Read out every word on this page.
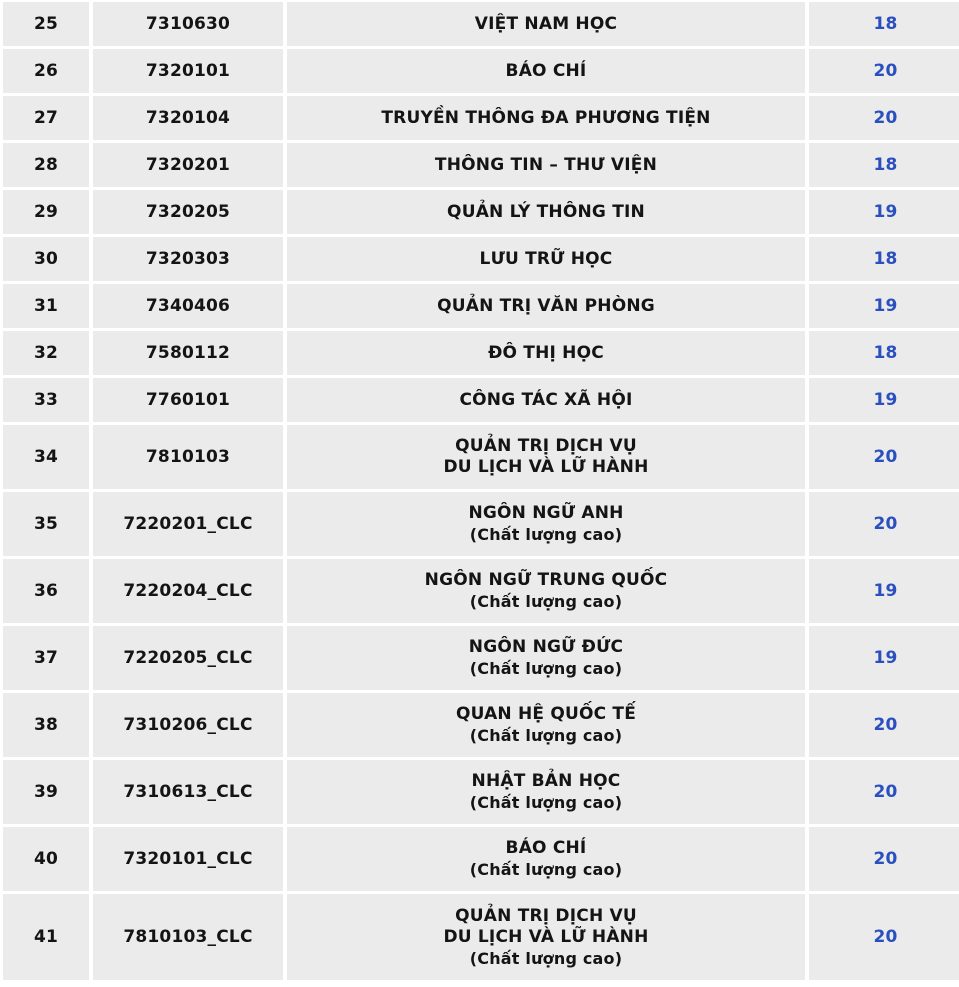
25	7310630	VIỆT NAM HỌC	18
26	7320101	BÁO CHÍ	20
27	7320104	TRUYỀN THÔNG ĐA PHƯƠNG TIỆN	20
28	7320201	THÔNG TIN – THƯ VIỆN	18
29	7320205	QUẢN LÝ THÔNG TIN	19
30	7320303	LƯU TRỮ HỌC	18
31	7340406	QUẢN TRỊ VĂN PHÒNG	19
32	7580112	ĐÔ THỊ HỌC	18
33	7760101	CÔNG TÁC XÃ HỘI	19
34	7810103	QUẢN TRỊ DỊCH VỤ
DU LỊCH VÀ LỮ HÀNH	20
35	7220201_CLC	NGÔN NGỮ ANH
(Chất lượng cao)	20
36	7220204_CLC	NGÔN NGỮ TRUNG QUỐC
(Chất lượng cao)	19
37	7220205_CLC	NGÔN NGỮ ĐỨC
(Chất lượng cao)	19
38	7310206_CLC	QUAN HỆ QUỐC TẾ
(Chất lượng cao)	20
39	7310613_CLC	NHẬT BẢN HỌC
(Chất lượng cao)	20
40	7320101_CLC	BÁO CHÍ
(Chất lượng cao)	20
41	7810103_CLC	QUẢN TRỊ DỊCH VỤ
DU LỊCH VÀ LỮ HÀNH
(Chất lượng cao)	20
